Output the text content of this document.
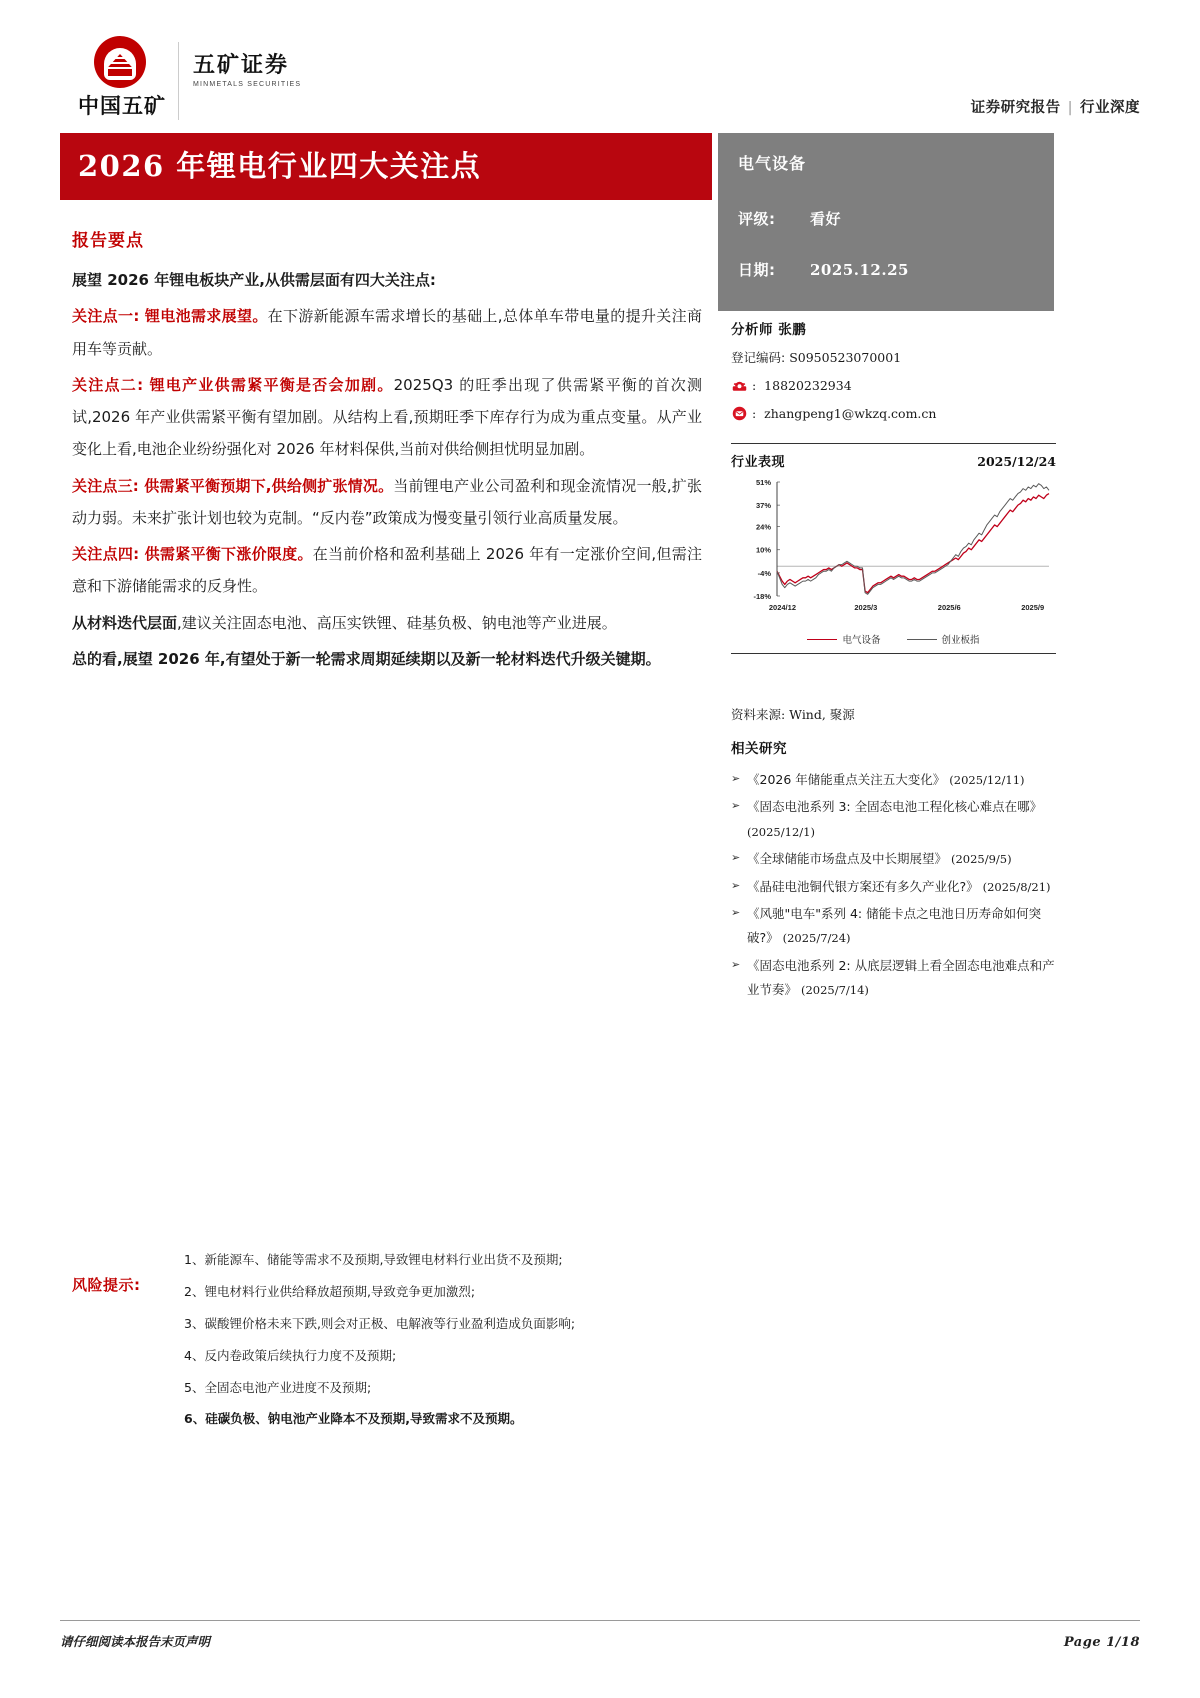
中国五矿
五矿证券
MINMETALS SECURITIES
证券研究报告 | 行业深度
2026 年锂电行业四大关注点	电气设备
评级: 看好
日期: 2025.12.25
分析师 张鹏
登记编码:
S0950523070001
: 18820232934
: zhangpeng1@wkzq.com.cn
行业表现	2025/12/24
51%
37%
24%
10%
-4%
-18%
2024/12	2025/3	2025/6	2025/9
电气设备	创业板指
资料来源: Wind, 聚源
相关研究
➢ 《2026 年储能重点关注五大变化》 (2025/12/11)
➢ 《固态电池系列 3: 全固态电池工程化核心难点在哪》 (2025/12/1)
➢ 《全球储能市场盘点及中长期展望》 (2025/9/5)
➢ 《晶硅电池铜代银方案还有多久产业化?》 (2025/8/21)
➢ 《风驰"电车"系列 4: 储能卡点之电池日历寿命如何突破?》 (2025/7/24)
➢ 《固态电池系列 2: 从底层逻辑上看全固态电池难点和产业节奏》 (2025/7/14)
报告要点

展望 2026 年锂电板块产业,从供需层面有四大关注点:

关注点一: 锂电池需求展望。在下游新能源车需求增长的基础上,总体单车带电量的提升关注商用车等贡献。

关注点二: 锂电产业供需紧平衡是否会加剧。2025Q3 的旺季出现了供需紧平衡的首次测试,2026 年产业供需紧平衡有望加剧。从结构上看,预期旺季下库存行为成为重点变量。从产业变化上看,电池企业纷纷强化对 2026 年材料保供,当前对供给侧担忧明显加剧。

关注点三: 供需紧平衡预期下,供给侧扩张情况。当前锂电产业公司盈利和现金流情况一般,扩张动力弱。未来扩张计划也较为克制。“反内卷”政策成为慢变量引领行业高质量发展。

关注点四: 供需紧平衡下涨价限度。在当前价格和盈利基础上 2026 年有一定涨价空间,但需注意和下游储能需求的反身性。

从材料迭代层面,建议关注固态电池、高压实铁锂、硅基负极、钠电池等产业进展。

总的看,展望 2026 年,有望处于新一轮需求周期延续期以及新一轮材料迭代升级关键期。

风险提示:
1、新能源车、储能等需求不及预期,导致锂电材料行业出货不及预期;
2、锂电材料行业供给释放超预期,导致竞争更加激烈;
3、碳酸锂价格未来下跌,则会对正极、电解液等行业盈利造成负面影响;
4、反内卷政策后续执行力度不及预期;
5、全固态电池产业进度不及预期;
6、硅碳负极、钠电池产业降本不及预期,导致需求不及预期。
请仔细阅读本报告末页声明	Page 1/18
